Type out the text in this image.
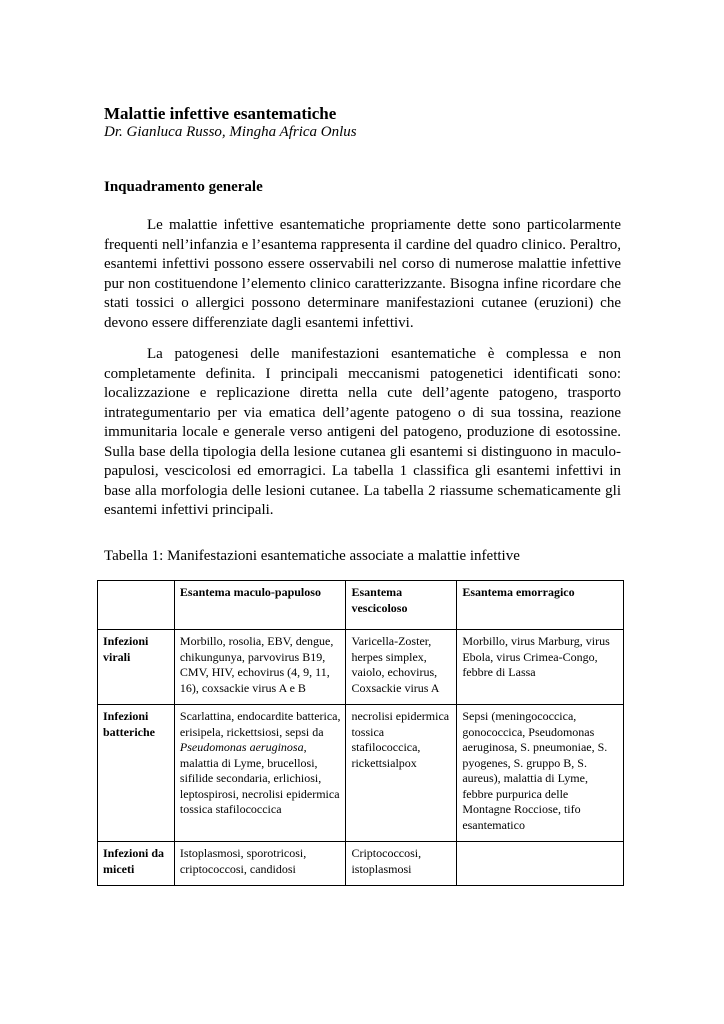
Malattie infettive esantematiche

Dr. Gianluca Russo, Mingha Africa Onlus

Inquadramento generale

Le malattie infettive esantematiche propriamente dette sono particolarmente frequenti nell’infanzia e l’esantema rappresenta il cardine del quadro clinico. Peraltro, esantemi infettivi possono essere osservabili nel corso di numerose malattie infettive pur non costituendone l’elemento clinico caratterizzante. Bisogna infine ricordare che stati tossici o allergici possono determinare manifestazioni cutanee (eruzioni) che devono essere differenziate dagli esantemi infettivi.

La patogenesi delle manifestazioni esantematiche è complessa e non completamente definita. I principali meccanismi patogenetici identificati sono: localizzazione e replicazione diretta nella cute dell’agente patogeno, trasporto intrategumentario per via ematica dell’agente patogeno o di sua tossina, reazione immunitaria locale e generale verso antigeni del patogeno, produzione di esotossine. Sulla base della tipologia della lesione cutanea gli esantemi si distinguono in maculo-papulosi, vescicolosi ed emorragici. La tabella 1 classifica gli esantemi infettivi in base alla morfologia delle lesioni cutanee. La tabella 2 riassume schematicamente gli esantemi infettivi principali.

Tabella 1: Manifestazioni esantematiche associate a malattie infettive

	Esantema maculo-papuloso	Esantema vescicoloso	Esantema emorragico
Infezioni virali	Morbillo, rosolia, EBV, dengue, chikungunya, parvovirus B19, CMV, HIV, echovirus (4, 9, 11, 16), coxsackie virus A e B	Varicella-Zoster, herpes simplex, vaiolo, echovirus, Coxsackie virus A	Morbillo, virus Marburg, virus Ebola, virus Crimea-Congo, febbre di Lassa
Infezioni batteriche	Scarlattina, endocardite batterica, erisipela, rickettsiosi, sepsi da Pseudomonas aeruginosa, malattia di Lyme, brucellosi, sifilide secondaria, erlichiosi, leptospirosi, necrolisi epidermica tossica stafilococcica	necrolisi epidermica tossica stafilococcica, rickettsialpox	Sepsi (meningococcica, gonococcica, Pseudomonas aeruginosa, S. pneumoniae, S. pyogenes, S. gruppo B, S. aureus), malattia di Lyme, febbre purpurica delle Montagne Rocciose, tifo esantematico
Infezioni da miceti	Istoplasmosi, sporotricosi, criptococcosi, candidosi	Criptococcosi, istoplasmosi	
